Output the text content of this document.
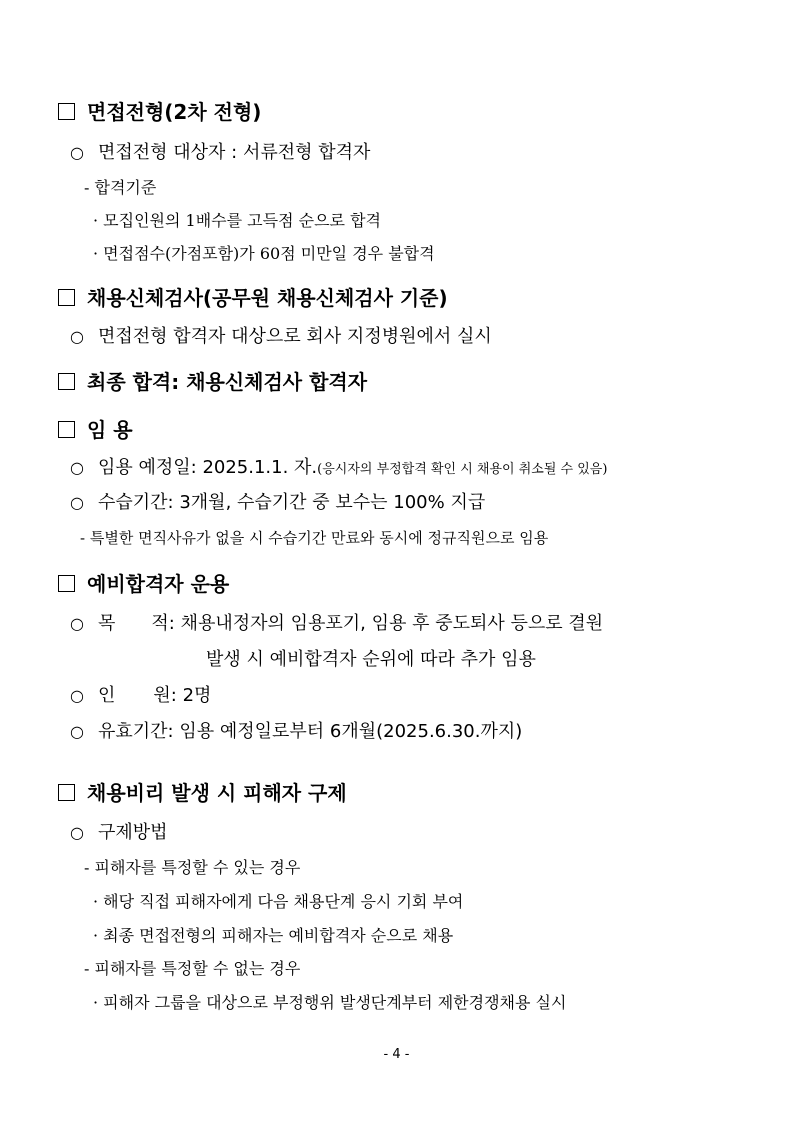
면접전형(2차 전형)
○ 면접전형 대상자 : 서류전형 합격자
- 합격기준
· 모집인원의 1배수를 고득점 순으로 합격
· 면접점수(가점포함)가 60점 미만일 경우 불합격
채용신체검사(공무원 채용신체검사 기준)
○ 면접전형 합격자 대상으로 회사 지정병원에서 실시
최종 합격: 채용신체검사 합격자
임 용
○ 임용 예정일: 2025.1.1. 자.(응시자의 부정합격 확인 시 채용이 취소될 수 있음)
○ 수습기간: 3개월, 수습기간 중 보수는 100% 지급
- 특별한 면직사유가 없을 시 수습기간 만료와 동시에 정규직원으로 임용
예비합격자 운용
○ 목 적: 채용내정자의 임용포기, 임용 후 중도퇴사 등으로 결원
발생 시 예비합격자 순위에 따라 추가 임용
○ 인 원: 2명
○ 유효기간: 임용 예정일로부터 6개월(2025.6.30.까지)
채용비리 발생 시 피해자 구제
○ 구제방법
- 피해자를 특정할 수 있는 경우
· 해당 직접 피해자에게 다음 채용단계 응시 기회 부여
· 최종 면접전형의 피해자는 예비합격자 순으로 채용
- 피해자를 특정할 수 없는 경우
· 피해자 그룹을 대상으로 부정행위 발생단계부터 제한경쟁채용 실시
- 4 -
